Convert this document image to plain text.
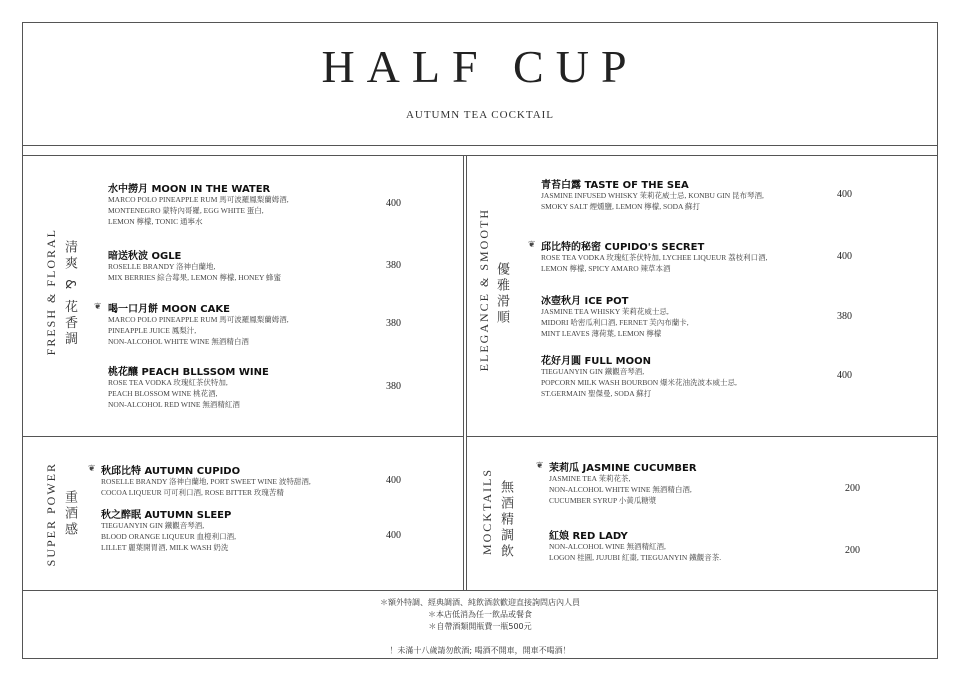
HALF CUP
AUTUMN TEA COCKTAIL
FRESH & FLORAL 清爽 & 花香調
水中撈月 MOON IN THE WATER
MARCO POLO PINEAPPLE RUM 馬可波羅鳳梨蘭姆酒,
MONTENEGRO 蒙特內哥羅, EGG WHITE 蛋白,
LEMON 檸檬, TONIC 通寧水
400
暗送秋波 OGLE
ROSELLE BRANDY 洛神白蘭地,
MIX BERRIES 綜合莓果, LEMON 檸檬, HONEY 蜂蜜
380
❦ 喝一口月餅 MOON CAKE
MARCO POLO PINEAPPLE RUM 馬可波羅鳳梨蘭姆酒,
PINEAPPLE JUICE 鳳梨汁,
NON-ALCOHOL WHITE WINE 無酒精白酒
380
桃花釀 PEACH BLLSSOM WINE
ROSE TEA VODKA 玫瑰紅茶伏特加,
PEACH BLOSSOM WINE 桃花酒,
NON-ALCOHOL RED WINE 無酒精紅酒
380
ELEGANCE & SMOOTH 優雅滑順
青苔白露 TASTE OF THE SEA
JASMINE INFUSED WHISKY 茉莉花威士忌, KONBU GIN 昆布琴酒,
SMOKY SALT 煙燻鹽, LEMON 檸檬, SODA 蘇打
400
❦ 邱比特的秘密 CUPIDO'S SECRET
ROSE TEA VODKA 玫瑰紅茶伏特加, LYCHEE LIQUEUR 荔枝利口酒,
LEMON 檸檬, SPICY AMARO 辣草本酒
400
冰壺秋月 ICE POT
JASMINE TEA WHISKY 茉莉花威士忌,
MIDORI 哈密瓜利口酒, FERNET 芙內布蘭卡,
MINT LEAVES 薄荷葉, LEMON 檸檬
380
花好月圓 FULL MOON
TIEGUANYIN GIN 鐵觀音琴酒,
POPCORN MILK WASH BOURBON 爆米花油洗波本威士忌,
ST.GERMAIN 聖傑曼, SODA 蘇打
400
SUPER POWER 重酒感
❦ 秋邱比特 AUTUMN CUPIDO
ROSELLE BRANDY 洛神白蘭地, PORT SWEET WINE 波特甜酒,
COCOA LIQUEUR 可可利口酒, ROSE BITTER 玫瑰苦精
400
秋之醉眠 AUTUMN SLEEP
TIEGUANYIN GIN 鐵觀音琴酒,
BLOOD ORANGE LIQUEUR 血橙利口酒,
LILLET 麗葉開胃酒, MILK WASH 奶洗
400	MOCKTAILS 無酒精調飲
❦ 茉莉瓜 JASMINE CUCUMBER
JASMINE TEA 茉莉花茶,
NON-ALCOHOL WHITE WINE 無酒精白酒,
CUCUMBER SYRUP 小黃瓜糖漿
200
紅娘 RED LADY
NON-ALCOHOL WINE 無酒精紅酒,
LOGON 桂圓, JUJUBI 紅棗, TIEGUANYIN 鐵觀音茶.
200
＊額外特調、經典調酒、純飲酒款歡迎直接詢問店內人員
＊本店低消為任一飲品或餐食
＊自帶酒類開瓶費一瓶500元
！未滿十八歲請勿飲酒; 喝酒不開車，開車不喝酒！
